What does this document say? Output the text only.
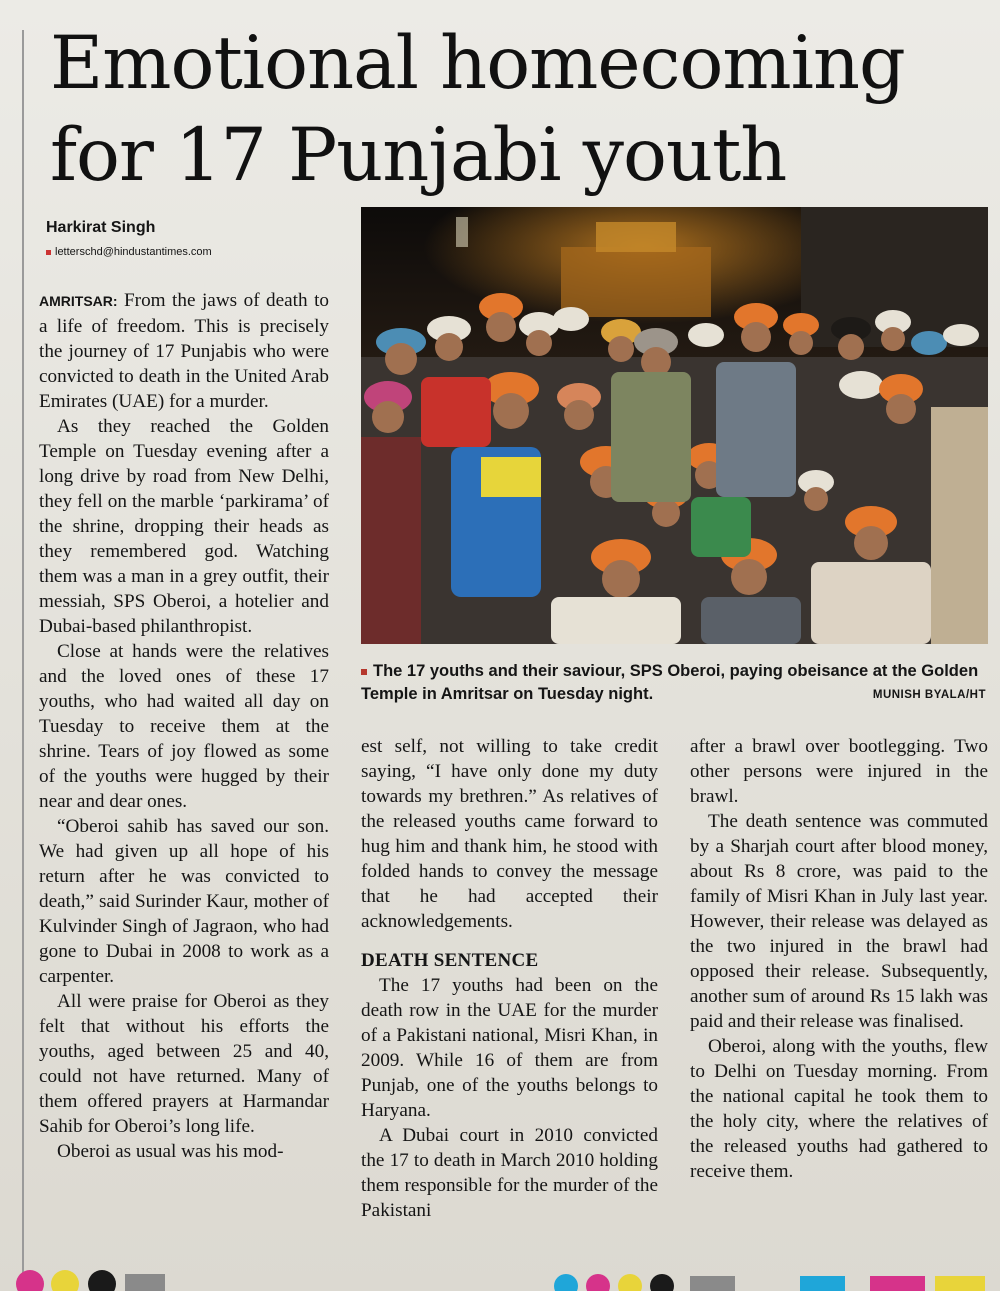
Emotional homecoming
for 17 Punjabi youth
Harkirat Singh
letterschd@hindustantimes.com

AMRITSAR: From the jaws of death to a life of freedom. This is precisely the journey of 17 Punjabis who were convicted to death in the United Arab Emirates (UAE) for a murder.

As they reached the Golden Temple on Tuesday evening after a long drive by road from New Delhi, they fell on the marble ‘parkirama’ of the shrine, dropping their heads as they remembered god. Watching them was a man in a grey outfit, their messiah, SPS Oberoi, a hotelier and Dubai-based philanthropist.

Close at hands were the relatives and the loved ones of these 17 youths, who had waited all day on Tuesday to receive them at the shrine. Tears of joy flowed as some of the youths were hugged by their near and dear ones.

“Oberoi sahib has saved our son. We had given up all hope of his return after he was convicted to death,” said Surinder Kaur, mother of Kulvinder Singh of Jagraon, who had gone to Dubai in 2008 to work as a carpenter.

All were praise for Oberoi as they felt that without his efforts the youths, aged between 25 and 40, could not have returned. Many of them offered prayers at Harmandar Sahib for Oberoi’s long life.

Oberoi as usual was his mod-

The 17 youths and their saviour, SPS Oberoi, paying obeisance at the Golden Temple in Amritsar on Tuesday night.	MUNISH BYALA/HT

est self, not willing to take credit saying, “I have only done my duty towards my brethren.” As relatives of the released youths came forward to hug him and thank him, he stood with folded hands to convey the message that he had accepted their acknowledgements.

DEATH SENTENCE

The 17 youths had been on the death row in the UAE for the murder of a Pakistani national, Misri Khan, in 2009. While 16 of them are from Punjab, one of the youths belongs to Haryana.

A Dubai court in 2010 convicted the 17 to death in March 2010 holding them responsible for the murder of the Pakistani

after a brawl over bootlegging. Two other persons were injured in the brawl.

The death sentence was commuted by a Sharjah court after blood money, about Rs 8 crore, was paid to the family of Misri Khan in July last year. However, their release was delayed as the two injured in the brawl had opposed their release. Subsequently, another sum of around Rs 15 lakh was paid and their release was finalised.

Oberoi, along with the youths, flew to Delhi on Tuesday morning. From the national capital he took them to the holy city, where the relatives of the released youths had gathered to receive them.
